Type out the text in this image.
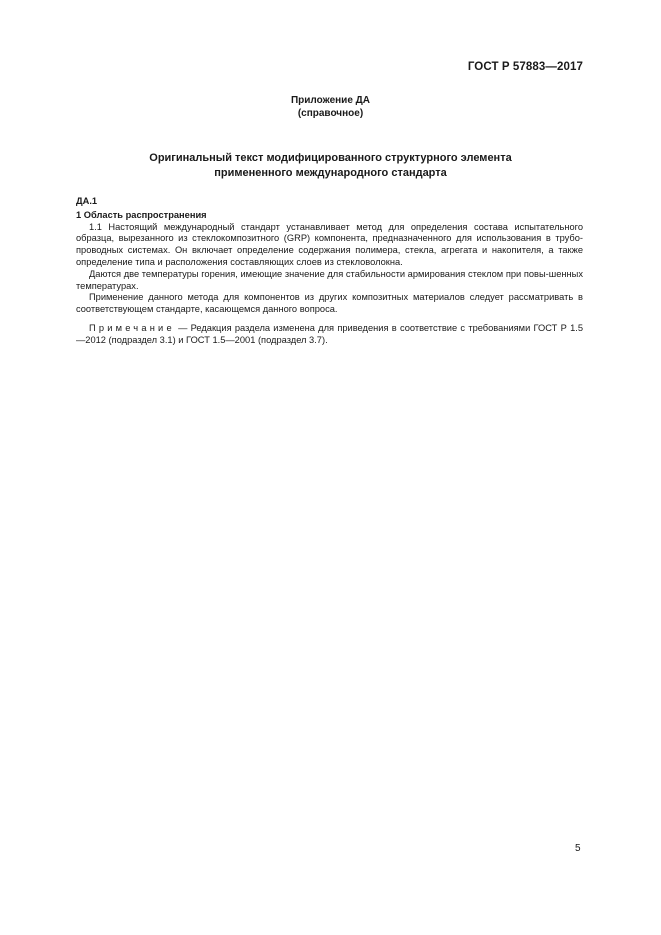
ГОСТ Р 57883—2017
Приложение ДА
(справочное)
Оригинальный текст модифицированного структурного элемента
примененного международного стандарта
ДА.1
1 Область распространения

1.1 Настоящий международный стандарт устанавливает метод для определения состава испытательного образца, вырезанного из стеклокомпозитного (GRP) компонента, предназначенного для использования в трубо-проводных системах. Он включает определение содержания полимера, стекла, агрегата и накопителя, а также определение типа и расположения составляющих слоев из стекловолокна.

Даются две температуры горения, имеющие значение для стабильности армирования стеклом при повы-шенных температурах.

Применение данного метода для компонентов из других композитных материалов следует рассматривать в соответствующем стандарте, касающемся данного вопроса.

Примечание — Редакция раздела изменена для приведения в соответствие с требованиями ГОСТ Р 1.5—2012 (подраздел 3.1) и ГОСТ 1.5—2001 (подраздел 3.7).

5
